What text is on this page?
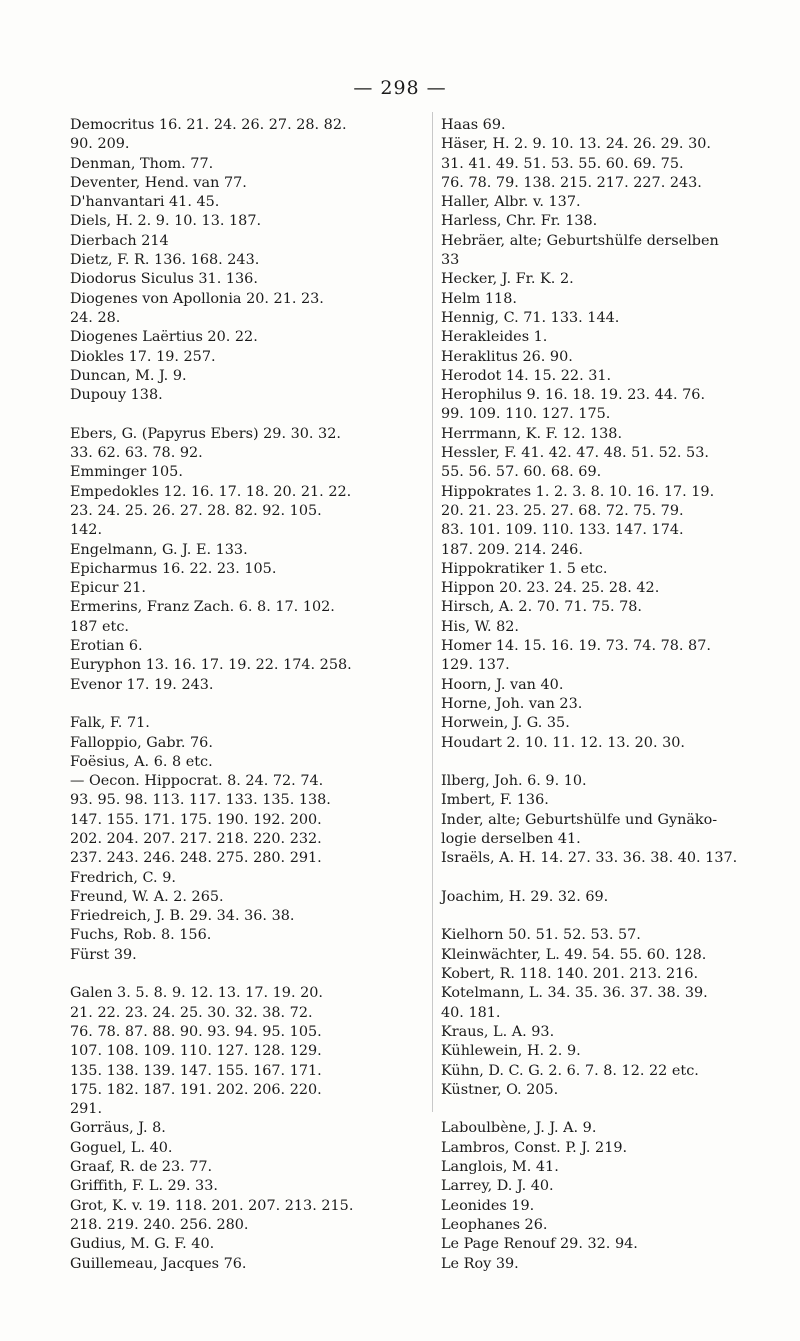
— 298 —
Democritus 16. 21. 24. 26. 27. 28. 82.
90. 209.
Denman, Thom. 77.
Deventer, Hend. van 77.
D'hanvantari 41. 45.
Diels, H. 2. 9. 10. 13. 187.
Dierbach 214
Dietz, F. R. 136. 168. 243.
Diodorus Siculus 31. 136.
Diogenes von Apollonia 20. 21. 23.
24. 28.
Diogenes Laërtius 20. 22.
Diokles 17. 19. 257.
Duncan, M. J. 9.
Dupouy 138.
Ebers, G. (Papyrus Ebers) 29. 30. 32.
33. 62. 63. 78. 92.
Emminger 105.
Empedokles 12. 16. 17. 18. 20. 21. 22.
23. 24. 25. 26. 27. 28. 82. 92. 105.
142.
Engelmann, G. J. E. 133.
Epicharmus 16. 22. 23. 105.
Epicur 21.
Ermerins, Franz Zach. 6. 8. 17. 102.
187 etc.
Erotian 6.
Euryphon 13. 16. 17. 19. 22. 174. 258.
Evenor 17. 19. 243.
Falk, F. 71.
Falloppio, Gabr. 76.
Foësius, A. 6. 8 etc.
— Oecon. Hippocrat. 8. 24. 72. 74.
93. 95. 98. 113. 117. 133. 135. 138.
147. 155. 171. 175. 190. 192. 200.
202. 204. 207. 217. 218. 220. 232.
237. 243. 246. 248. 275. 280. 291.
Fredrich, C. 9.
Freund, W. A. 2. 265.
Friedreich, J. B. 29. 34. 36. 38.
Fuchs, Rob. 8. 156.
Fürst 39.
Galen 3. 5. 8. 9. 12. 13. 17. 19. 20.
21. 22. 23. 24. 25. 30. 32. 38. 72.
76. 78. 87. 88. 90. 93. 94. 95. 105.
107. 108. 109. 110. 127. 128. 129.
135. 138. 139. 147. 155. 167. 171.
175. 182. 187. 191. 202. 206. 220.
291.
Gorräus, J. 8.
Goguel, L. 40.
Graaf, R. de 23. 77.
Griffith, F. L. 29. 33.
Grot, K. v. 19. 118. 201. 207. 213. 215.
218. 219. 240. 256. 280.
Gudius, M. G. F. 40.
Guillemeau, Jacques 76.
Haas 69.
Häser, H. 2. 9. 10. 13. 24. 26. 29. 30.
31. 41. 49. 51. 53. 55. 60. 69. 75.
76. 78. 79. 138. 215. 217. 227. 243.
Haller, Albr. v. 137.
Harless, Chr. Fr. 138.
Hebräer, alte; Geburtshülfe derselben
33
Hecker, J. Fr. K. 2.
Helm 118.
Hennig, C. 71. 133. 144.
Herakleides 1.
Heraklitus 26. 90.
Herodot 14. 15. 22. 31.
Herophilus 9. 16. 18. 19. 23. 44. 76.
99. 109. 110. 127. 175.
Herrmann, K. F. 12. 138.
Hessler, F. 41. 42. 47. 48. 51. 52. 53.
55. 56. 57. 60. 68. 69.
Hippokrates 1. 2. 3. 8. 10. 16. 17. 19.
20. 21. 23. 25. 27. 68. 72. 75. 79.
83. 101. 109. 110. 133. 147. 174.
187. 209. 214. 246.
Hippokratiker 1. 5 etc.
Hippon 20. 23. 24. 25. 28. 42.
Hirsch, A. 2. 70. 71. 75. 78.
His, W. 82.
Homer 14. 15. 16. 19. 73. 74. 78. 87.
129. 137.
Hoorn, J. van 40.
Horne, Joh. van 23.
Horwein, J. G. 35.
Houdart 2. 10. 11. 12. 13. 20. 30.
Ilberg, Joh. 6. 9. 10.
Imbert, F. 136.
Inder, alte; Geburtshülfe und Gynäko-
logie derselben 41.
Israëls, A. H. 14. 27. 33. 36. 38. 40. 137.
Joachim, H. 29. 32. 69.
Kielhorn 50. 51. 52. 53. 57.
Kleinwächter, L. 49. 54. 55. 60. 128.
Kobert, R. 118. 140. 201. 213. 216.
Kotelmann, L. 34. 35. 36. 37. 38. 39.
40. 181.
Kraus, L. A. 93.
Kühlewein, H. 2. 9.
Kühn, D. C. G. 2. 6. 7. 8. 12. 22 etc.
Küstner, O. 205.
Laboulbène, J. J. A. 9.
Lambros, Const. P. J. 219.
Langlois, M. 41.
Larrey, D. J. 40.
Leonides 19.
Leophanes 26.
Le Page Renouf 29. 32. 94.
Le Roy 39.
